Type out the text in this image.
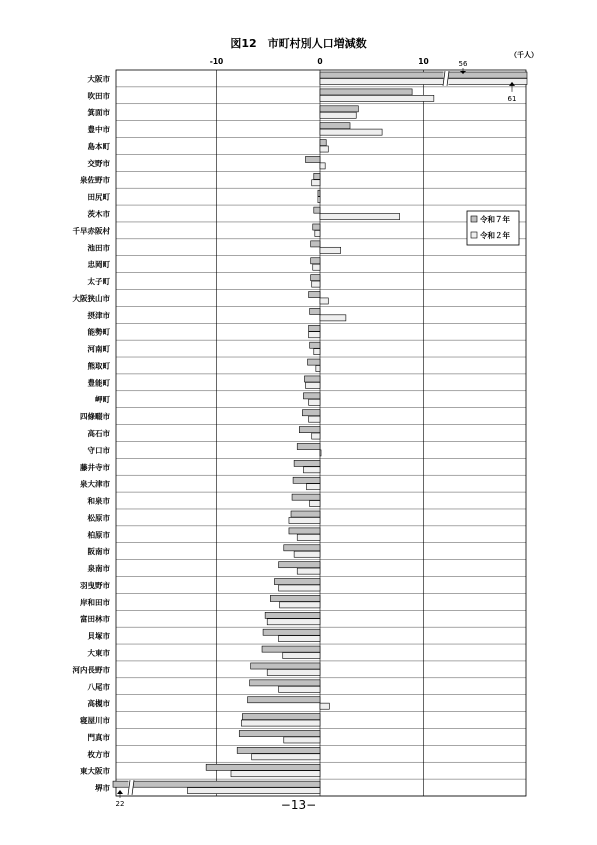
図12　市町村別人口増減数
（千人）
-10	0	10
大阪市
吹田市
箕面市
豊中市
島本町
交野市
泉佐野市
田尻町
茨木市
千早赤阪村
池田市
忠岡町
太子町
大阪狭山市
摂津市
能勢町
河南町
熊取町
豊能町
岬町
四條畷市
高石市
守口市
藤井寺市
泉大津市
和泉市
松原市
柏原市
阪南市
泉南市
羽曳野市
岸和田市
富田林市
貝塚市
大東市
河内長野市
八尾市
高槻市
寝屋川市
門真市
枚方市
東大阪市
堺市
56
61
22
令和７年
令和２年
−13−
